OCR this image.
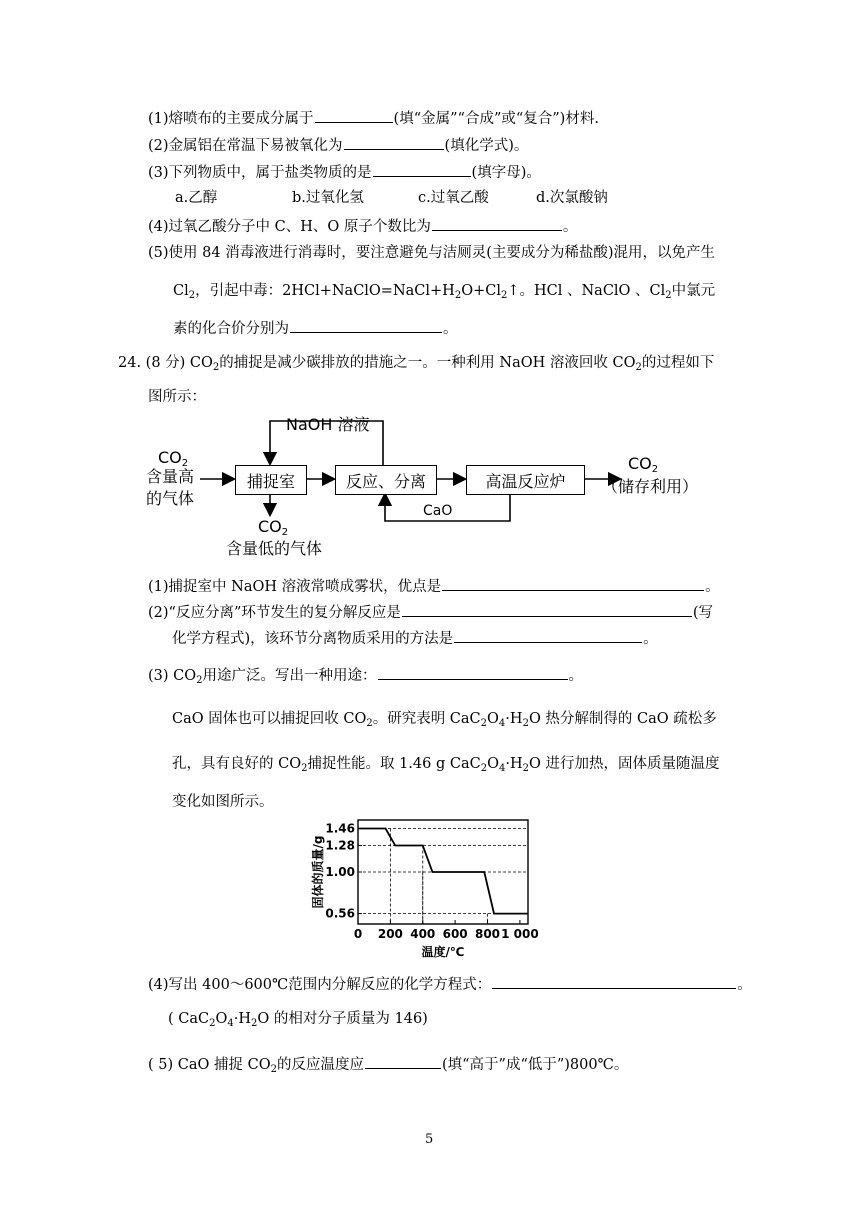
(1)熔喷布的主要成分属于	(填“金属”“合成”或“复合”)材料.
(2)金属铝在常温下易被氧化为	(填化学式)。
(3)下列物质中，属于盐类物质的是	(填字母)。
a.乙醇	b.过氧化氢	c.过氧乙酸	d.次氯酸钠
(4)过氧乙酸分子中 C、H、O 原子个数比为	。
(5)使用 84 消毒液进行消毒时，要注意避免与洁厕灵(主要成分为稀盐酸)混用，以免产生
$Cl_2$，引起中毒：$2HCl+NaClO=NaCl+H_2O+Cl_2↑$。HCl 、NaClO 、$Cl_2$中氯元
素的化合价分别为	。
24. (8 分) $CO_2$的捕捉是减少碳排放的措施之一。一种利用 NaOH 溶液回收 $CO_2$的过程如下
图所示：
NaOH 溶液
$CO_2$
含量高
的气体
捕捉室	反应、分离	高温反应炉
$CO_2$
（储存利用）
$CO_2$
含量低的气体
CaO
(1)捕捉室中 NaOH 溶液常喷成雾状，优点是	。
(2)“反应分离”环节发生的复分解反应是	(写
化学方程式)，该环节分离物质采用的方法是	。
(3) $CO_2$用途广泛。写出一种用途：	。
CaO 固体也可以捕捉回收 $CO_2$。研究表明 $CaC_2O_4\cdot H_2O$ 热分解制得的 CaO 疏松多
孔，具有良好的 $CO_2$捕捉性能。取 1.46 g $CaC_2O_4\cdot H_2O$ 进行加热，固体质量随温度
变化如图所示。
0.56
1.00
1.28
1.46
0 200 400 600 800 1 000
温度/℃
固体的质量/g
(4)写出 400～600℃范围内分解反应的化学方程式：	。
( $CaC_2O_4\cdot H_2O$ 的相对分子质量为 146)
( 5) CaO 捕捉 $CO_2$的反应温度应	(填“高于”成“低于”)800℃。
5
